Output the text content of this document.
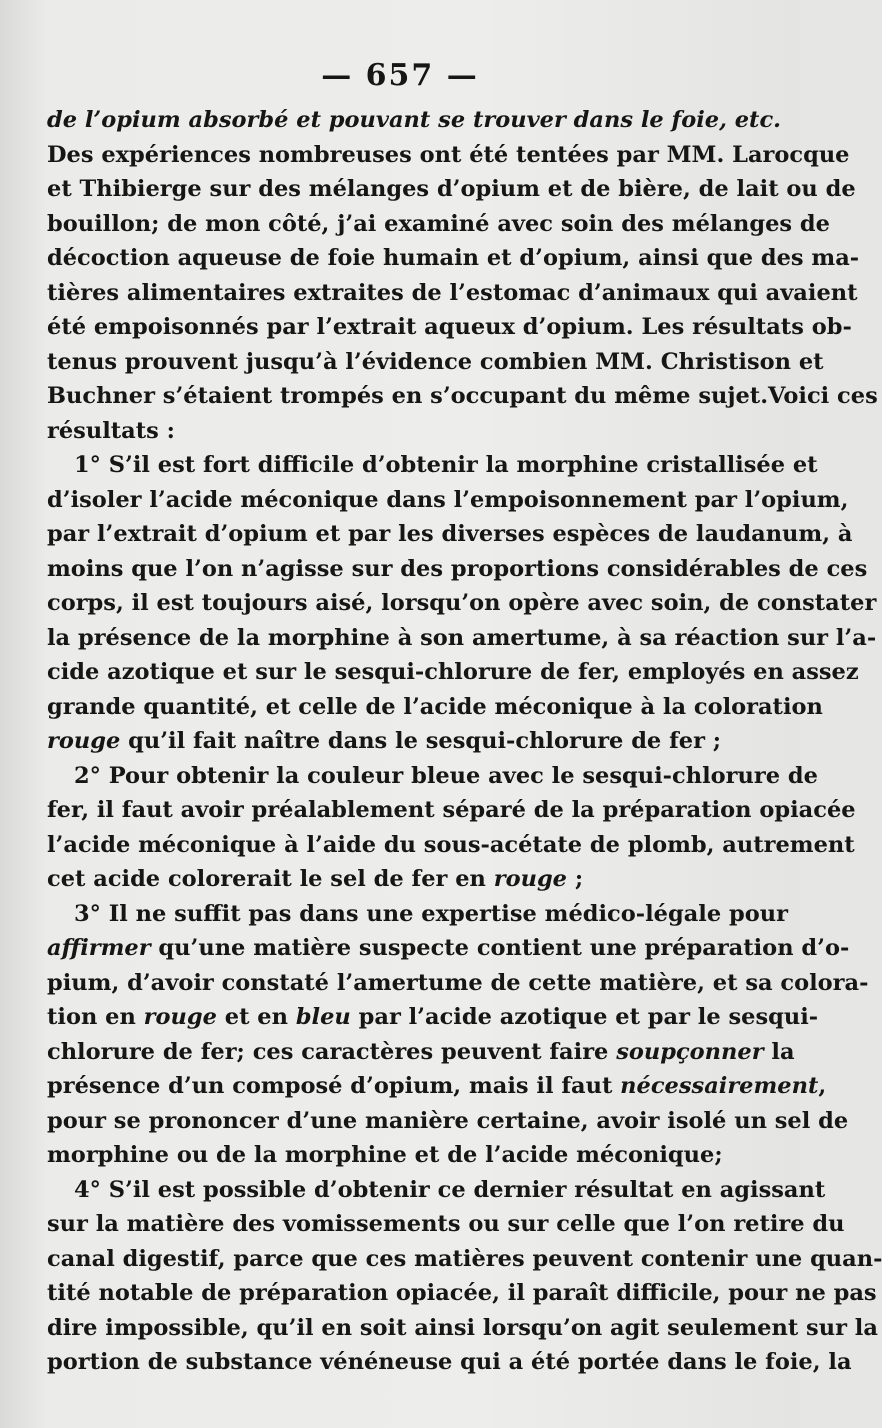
— 657 —
de l’opium absorbé et pouvant se trouver dans le foie, etc.
Des expériences nombreuses ont été tentées par MM. Larocque
et Thibierge sur des mélanges d’opium et de bière, de lait ou de
bouillon; de mon côté, j’ai examiné avec soin des mélanges de
décoction aqueuse de foie humain et d’opium, ainsi que des ma-
tières alimentaires extraites de l’estomac d’animaux qui avaient
été empoisonnés par l’extrait aqueux d’opium. Les résultats ob-
tenus prouvent jusqu’à l’évidence combien MM. Christison et
Buchner s’étaient trompés en s’occupant du même sujet.Voici ces
résultats :
1° S’il est fort difficile d’obtenir la morphine cristallisée et
d’isoler l’acide méconique dans l’empoisonnement par l’opium,
par l’extrait d’opium et par les diverses espèces de laudanum, à
moins que l’on n’agisse sur des proportions considérables de ces
corps, il est toujours aisé, lorsqu’on opère avec soin, de constater
la présence de la morphine à son amertume, à sa réaction sur l’a-
cide azotique et sur le sesqui-chlorure de fer, employés en assez
grande quantité, et celle de l’acide méconique à la coloration
rouge qu’il fait naître dans le sesqui-chlorure de fer ;
2° Pour obtenir la couleur bleue avec le sesqui-chlorure de
fer, il faut avoir préalablement séparé de la préparation opiacée
l’acide méconique à l’aide du sous-acétate de plomb, autrement
cet acide colorerait le sel de fer en rouge ;
3° Il ne suffit pas dans une expertise médico-légale pour
affirmer qu’une matière suspecte contient une préparation d’o-
pium, d’avoir constaté l’amertume de cette matière, et sa colora-
tion en rouge et en bleu par l’acide azotique et par le sesqui-
chlorure de fer; ces caractères peuvent faire soupçonner la
présence d’un composé d’opium, mais il faut nécessairement,
pour se prononcer d’une manière certaine, avoir isolé un sel de
morphine ou de la morphine et de l’acide méconique;
4° S’il est possible d’obtenir ce dernier résultat en agissant
sur la matière des vomissements ou sur celle que l’on retire du
canal digestif, parce que ces matières peuvent contenir une quan-
tité notable de préparation opiacée, il paraît difficile, pour ne pas
dire impossible, qu’il en soit ainsi lorsqu’on agit seulement sur la
portion de substance vénéneuse qui a été portée dans le foie, la
